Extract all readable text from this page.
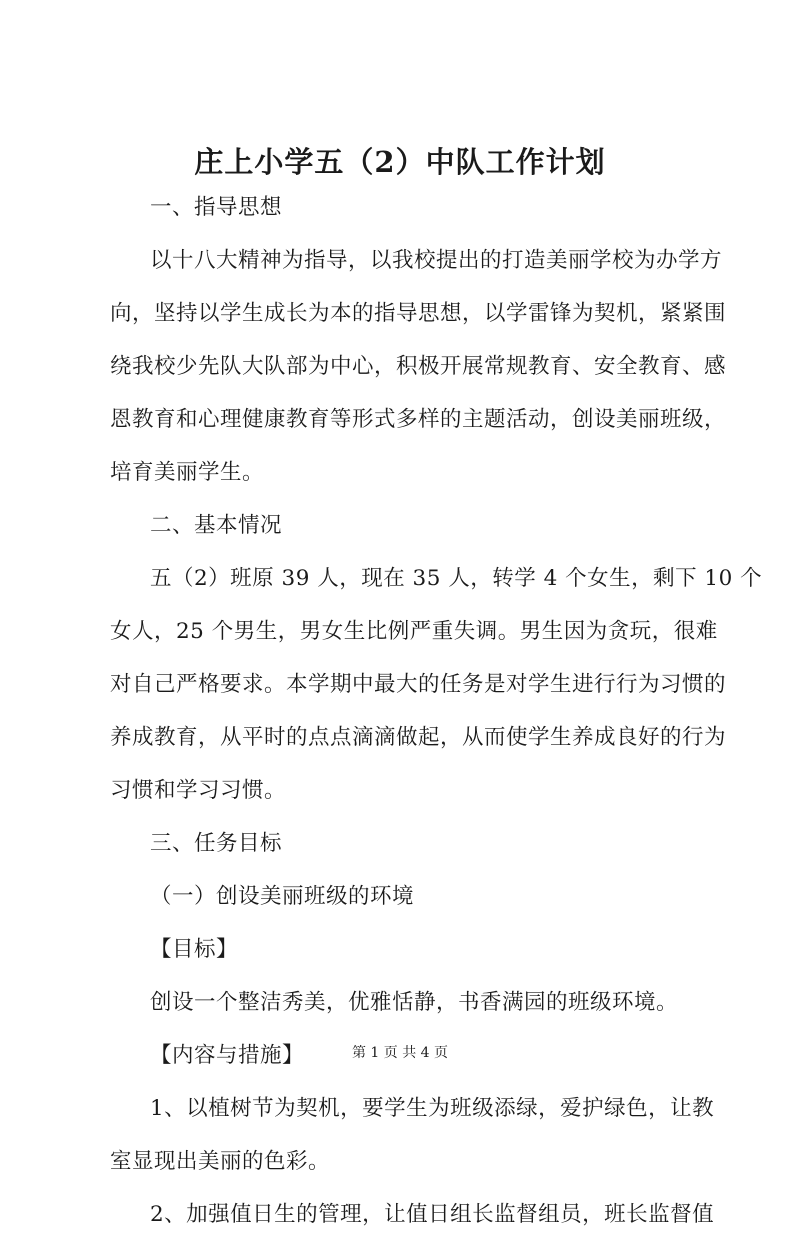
庄上小学五（2）中队工作计划
一、指导思想
以十八大精神为指导，以我校提出的打造美丽学校为办学方
向，坚持以学生成长为本的指导思想，以学雷锋为契机，紧紧围
绕我校少先队大队部为中心，积极开展常规教育、安全教育、感
恩教育和心理健康教育等形式多样的主题活动，创设美丽班级，
培育美丽学生。
二、基本情况
五（2）班原 39 人，现在 35 人，转学 4 个女生，剩下 10 个
女人，25 个男生，男女生比例严重失调。男生因为贪玩，很难
对自己严格要求。本学期中最大的任务是对学生进行行为习惯的
养成教育，从平时的点点滴滴做起，从而使学生养成良好的行为
习惯和学习习惯。
三、任务目标
（一）创设美丽班级的环境
【目标】
创设一个整洁秀美，优雅恬静，书香满园的班级环境。
【内容与措施】
1、以植树节为契机，要学生为班级添绿，爱护绿色，让教
室显现出美丽的色彩。
2、加强值日生的管理，让值日组长监督组员，班长监督值
第 1 页 共 4 页
